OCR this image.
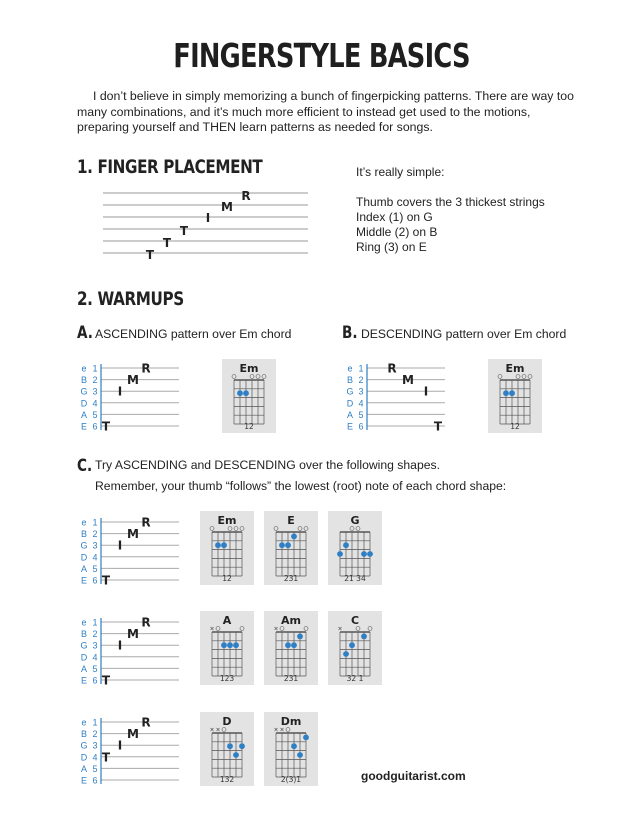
FINGERSTYLE BASICS
I don’t believe in simply memorizing a bunch of fingerpicking patterns. There are way too many combinations, and it’s much more efficient to instead get used to the motions, preparing yourself and THEN learn patterns as needed for songs.
1. FINGER PLACEMENT
T
T
T
I
M
R
It’s really simple:
Thumb covers the 3 thickest strings
Index (1) on G
Middle (2) on B
Ring (3) on E
2. WARMUPS
A. ASCENDING pattern over Em chord	B. DESCENDING pattern over Em chord
C. Try ASCENDING and DESCENDING over the following shapes.
Remember, your thumb “follows” the lowest (root) note of each chord shape:
e 1
B 2
G 3
D 4
A 5
E 6 T
I
M
R	Em
12
e 1
B 2
G 3
D 4
A 5
E 6
R
M
I
T
Em
12
e 1
B 2
G 3
D 4
A 5
E 6 T
I
M
R	Em
12
E
231
G
21 34
e 1
B 2
G 3
D 4
A 5
E 6 T
I
M
R	A
×
123
Am
×
231
C
×
32 1
e 1
B 2
G 3
D 4
A 5
E 6
T
I
M
R	D
× ×
132
Dm
× ×
2(3)1	goodguitarist.com
